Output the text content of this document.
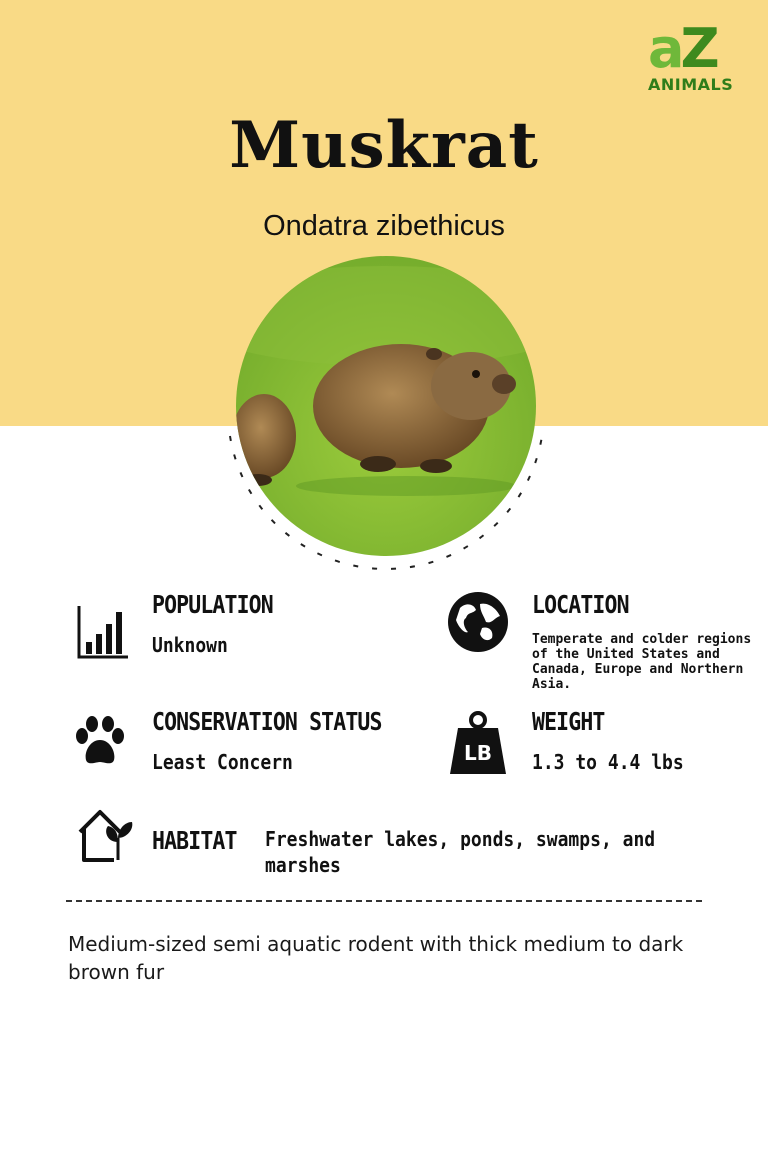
aZ
ANIMALS
Muskrat
Ondatra zibethicus
POPULATION
Unknown
LOCATION
Temperate and colder regions of the United States and Canada, Europe and Northern Asia.
CONSERVATION STATUS
Least Concern	LB
WEIGHT
1.3 to 4.4 lbs
HABITAT Freshwater lakes, ponds, swamps, and marshes
Medium-sized semi aquatic rodent with thick medium to dark brown fur
